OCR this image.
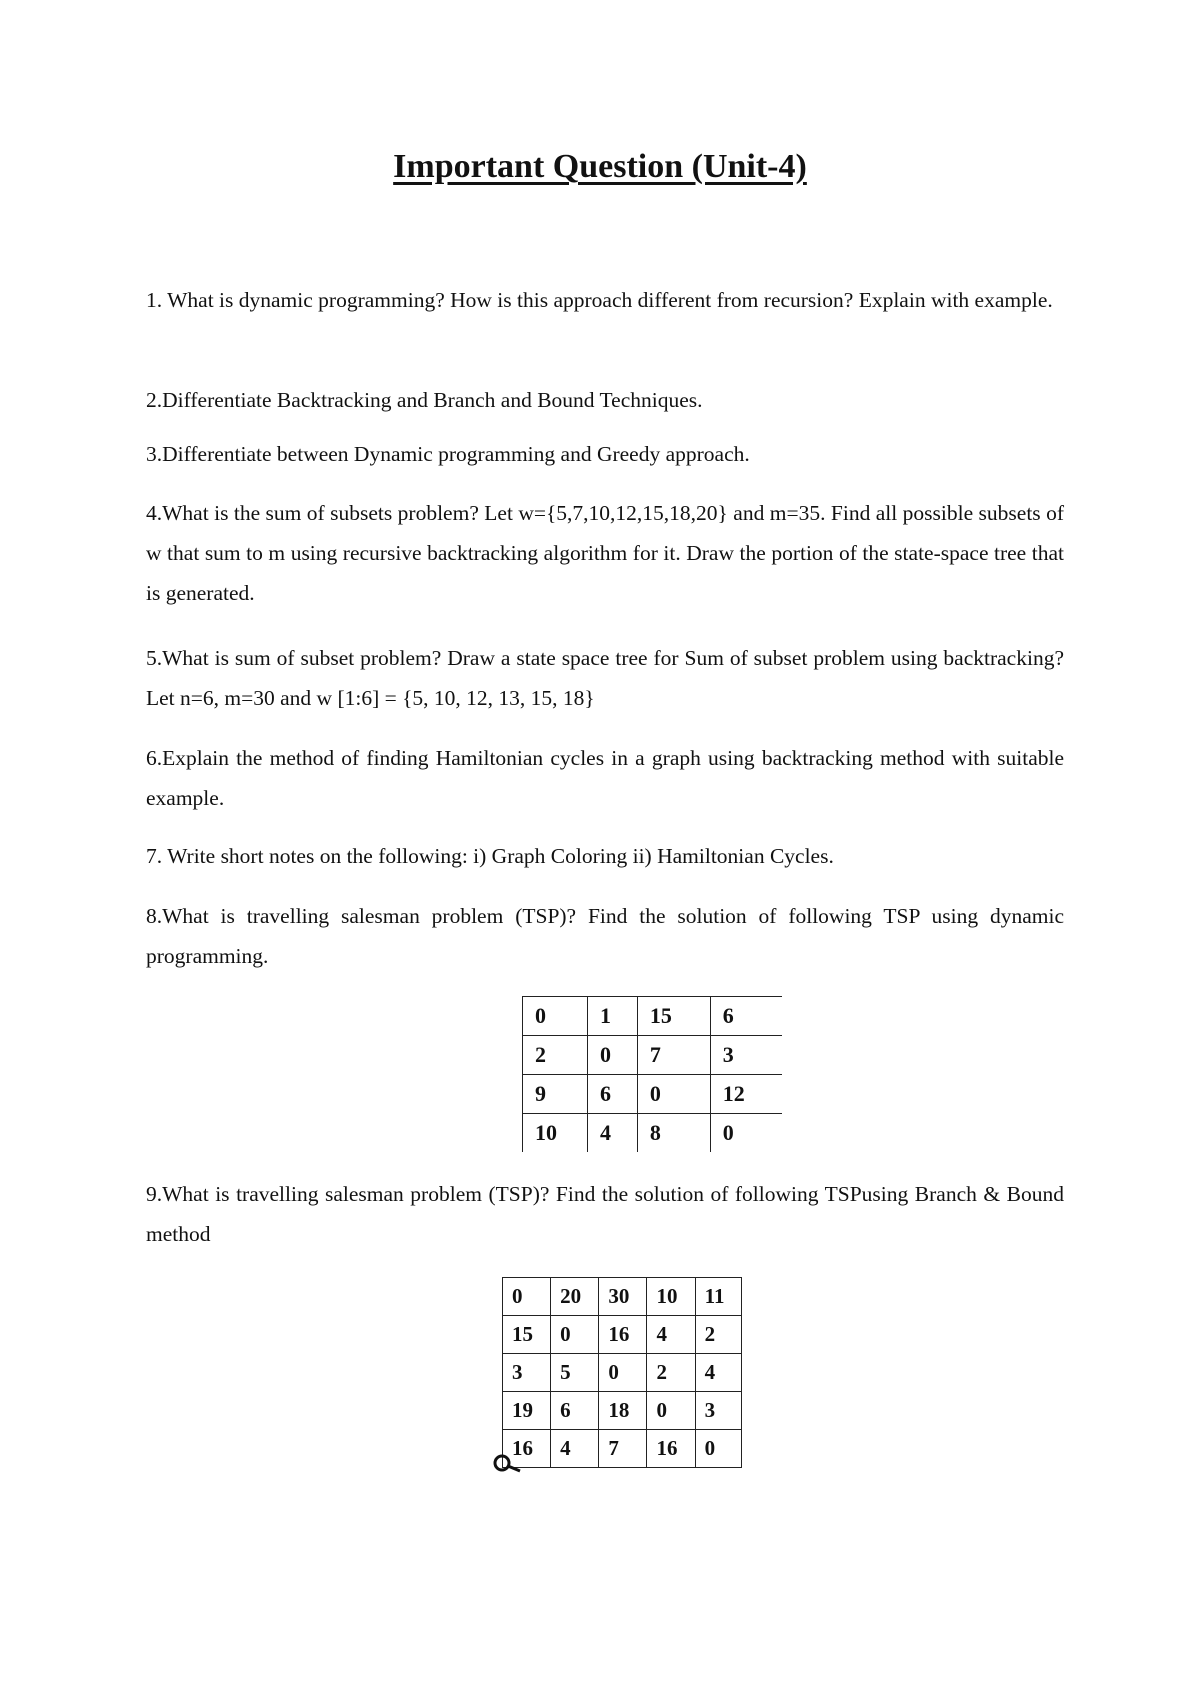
Important Question (Unit-4)

1. What is dynamic programming? How is this approach different from recursion? Explain with example.

2.Differentiate Backtracking and Branch and Bound Techniques.

3.Differentiate between Dynamic programming and Greedy approach.

4.What is the sum of subsets problem? Let w={5,7,10,12,15,18,20} and m=35. Find all possible subsets of w that sum to m using recursive backtracking algorithm for it. Draw the portion of the state-space tree that is generated.

5.What is sum of subset problem? Draw a state space tree for Sum of subset problem using backtracking? Let n=6, m=30 and w [1:6] = {5, 10, 12, 13, 15, 18}

6.Explain the method of finding Hamiltonian cycles in a graph using backtracking method with suitable example.

7. Write short notes on the following: i) Graph Coloring ii) Hamiltonian Cycles.

8.What is travelling salesman problem (TSP)? Find the solution of following TSP using dynamic programming.

0	1	15	6
2	0	7	3
9	6	0	12
10	4	8	0

9.What is travelling salesman problem (TSP)? Find the solution of following TSPusing Branch & Bound method

0	20	30	10	11
15	0	16	4	2
3	5	0	2	4
19	6	18	0	3
16	4	7	16	0
